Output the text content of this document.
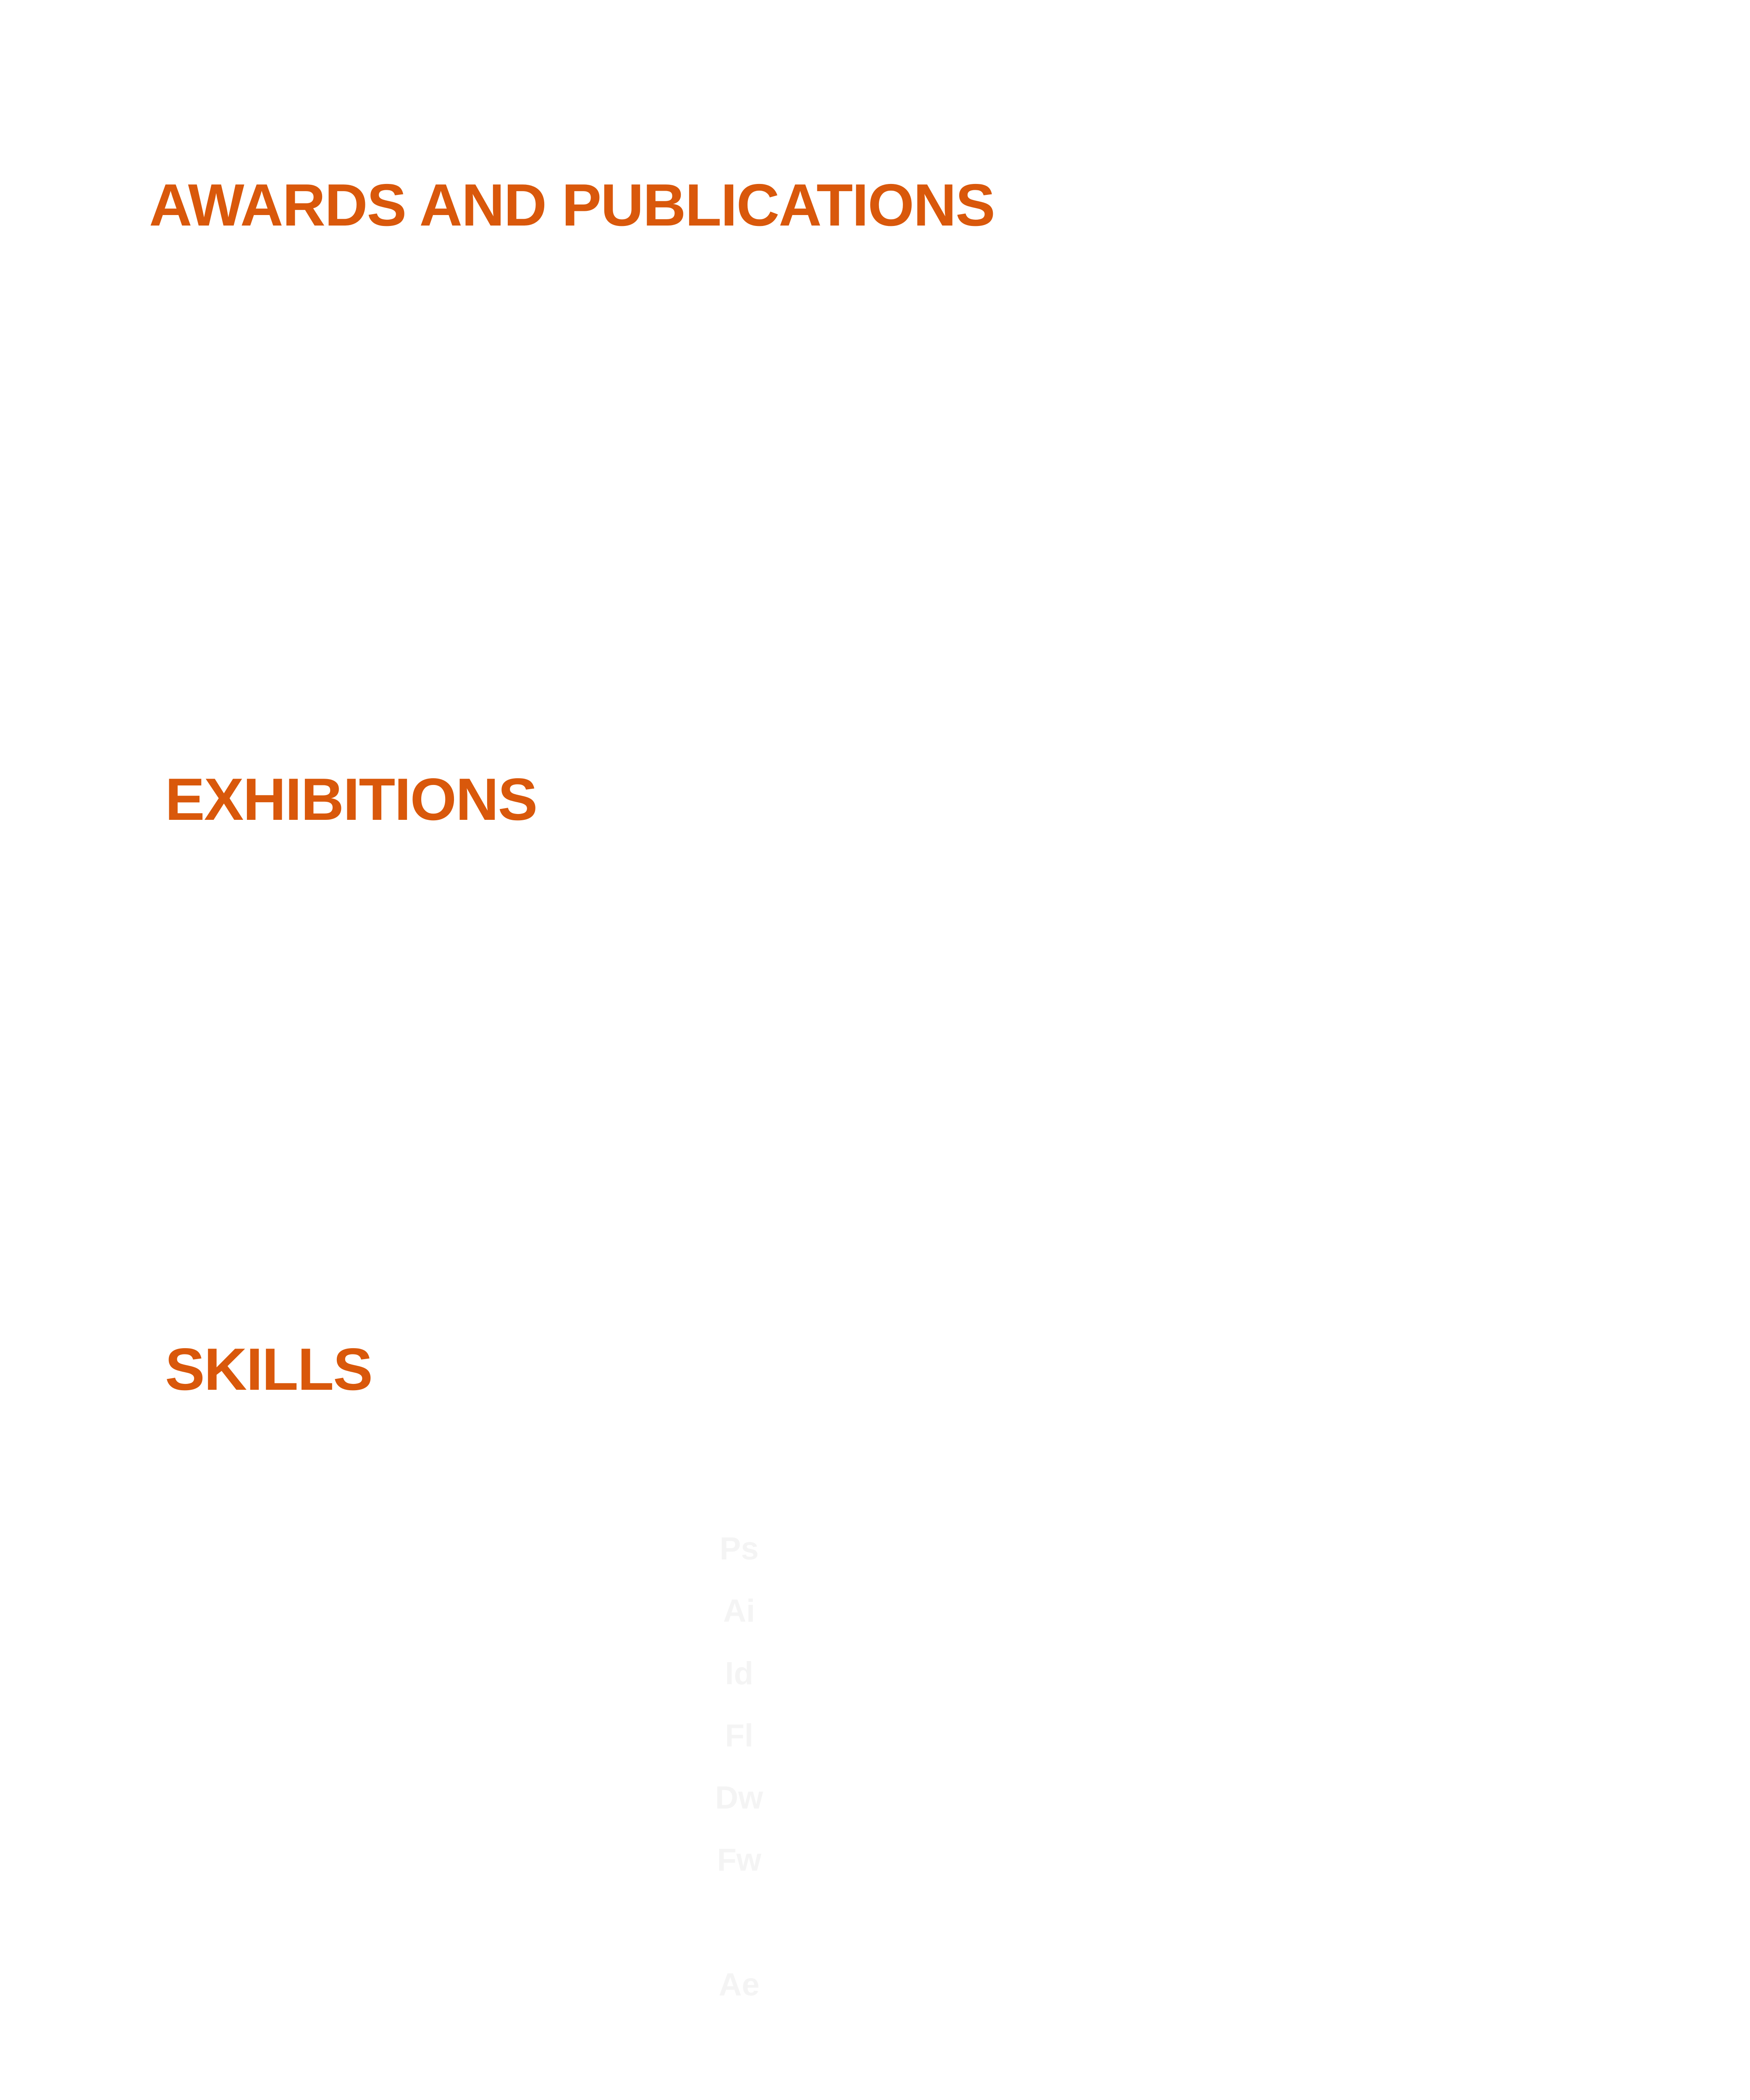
AWARDS AND PUBLICATIONS
EXHIBITIONS
SKILLS
Ps
Ai
Id
Fl
Dw
Fw
Ae
